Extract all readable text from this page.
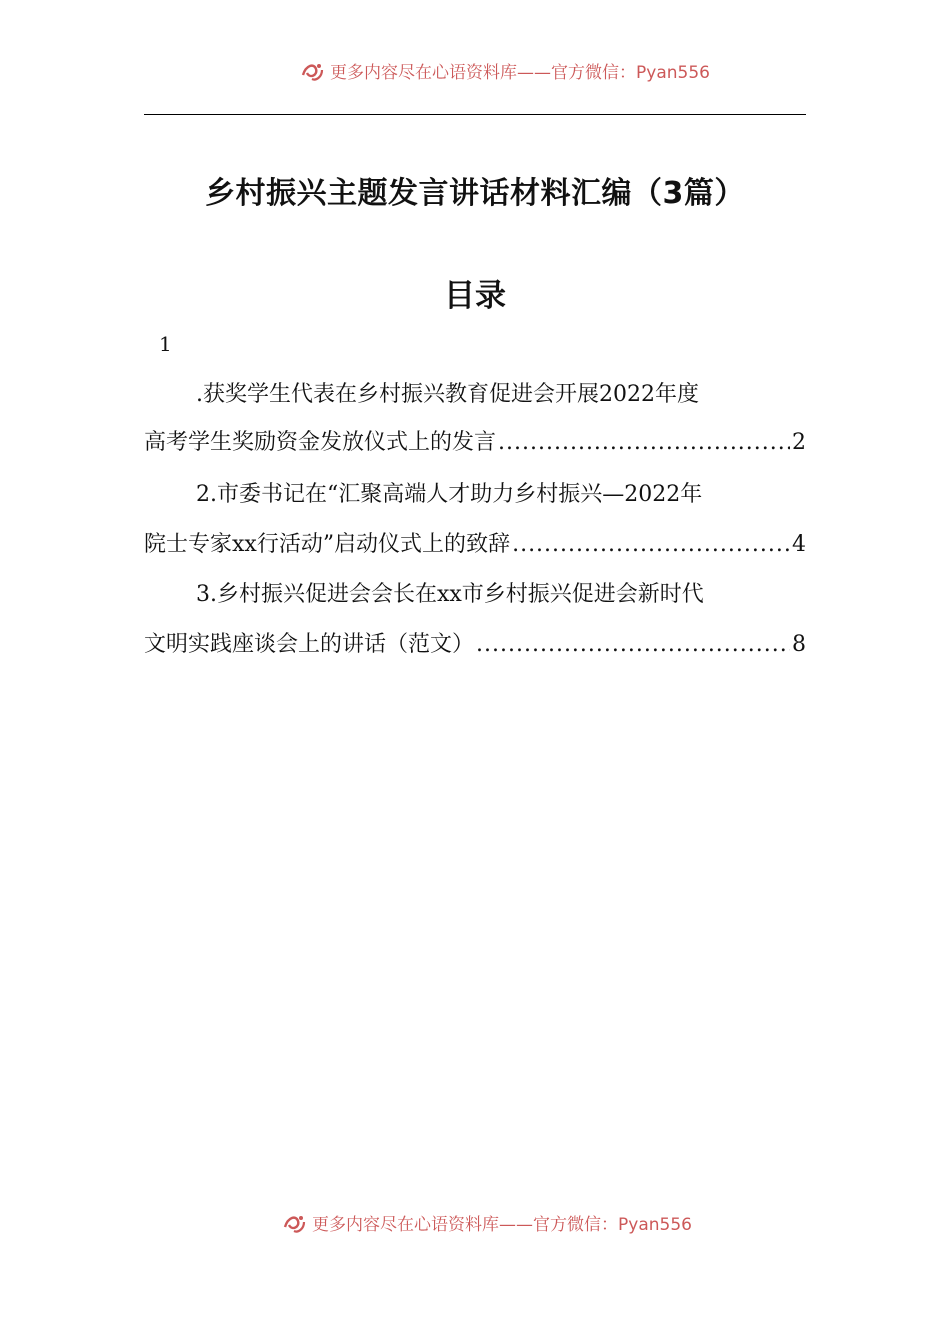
更多内容尽在心语资料库——官方微信：Pyan556
乡村振兴主题发言讲话材料汇编（3篇）
目录
1
.获奖学生代表在乡村振兴教育促进会开展2022年度
高考学生奖励资金发放仪式上的发言 .....	2
2.市委书记在“汇聚高端人才助力乡村振兴—2022年
院士专家xx行活动”启动仪式上的致辞 .....	4
3.乡村振兴促进会会长在xx市乡村振兴促进会新时代
文明实践座谈会上的讲话（范文） .....	8
更多内容尽在心语资料库——官方微信：Pyan556
